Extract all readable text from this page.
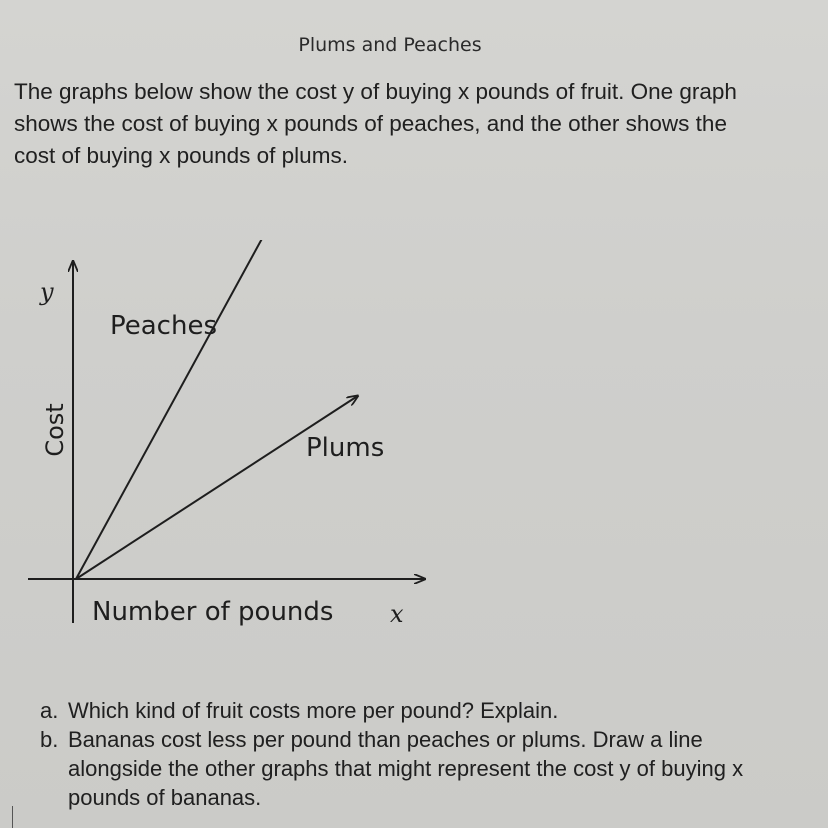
Plums and Peaches
The graphs below show the cost y of buying x pounds of fruit. One graph shows the cost of buying x pounds of peaches, and the other shows the cost of buying x pounds of plums.
Peaches
Plums
Cost
Number of pounds
y
x
a. Which kind of fruit costs more per pound? Explain.
b. Bananas cost less per pound than peaches or plums. Draw a line alongside the other graphs that might represent the cost y of buying x pounds of bananas.
